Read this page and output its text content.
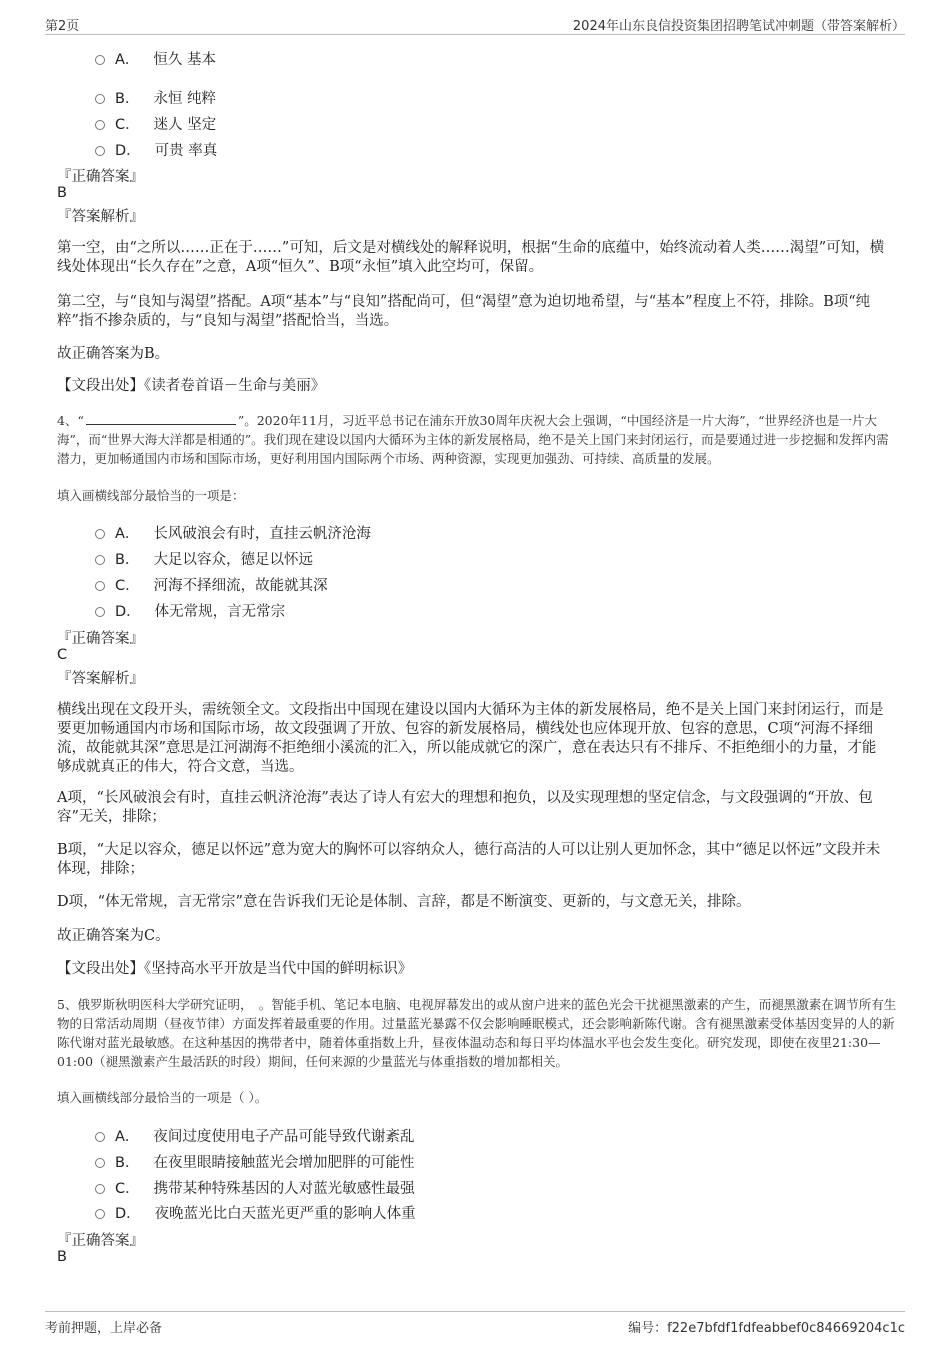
第2页	2024年山东良信投资集团招聘笔试冲刺题（带答案解析）
A． 恒久 基本
B． 永恒 纯粹
C． 迷人 坚定
D． 可贵 率真
『正确答案』
B
『答案解析』
第一空，由“之所以……正在于……”可知，后文是对横线处的解释说明，根据“生命的底蕴中，始终流动着人类……渴望”可知，横线处体现出“长久存在”之意，A项“恒久”、B项“永恒”填入此空均可，保留。
第二空，与“良知与渴望”搭配。A项“基本”与“良知”搭配尚可，但“渴望”意为迫切地希望，与“基本”程度上不符，排除。B项“纯粹”指不掺杂质的，与“良知与渴望”搭配恰当，当选。
故正确答案为B。
【文段出处】《读者卷首语－生命与美丽》
4、“	”。2020年11月，习近平总书记在浦东开放30周年庆祝大会上强调，“中国经济是一片大海”，“世界经济也是一片大海”，而“世界大海大洋都是相通的”。我们现在建设以国内大循环为主体的新发展格局，绝不是关上国门来封闭运行，而是要通过进一步挖掘和发挥内需潜力，更加畅通国内市场和国际市场，更好利用国内国际两个市场、两种资源，实现更加强劲、可持续、高质量的发展。
填入画横线部分最恰当的一项是：
A． 长风破浪会有时，直挂云帆济沧海
B． 大足以容众，德足以怀远
C． 河海不择细流，故能就其深
D． 体无常规，言无常宗
『正确答案』
C
『答案解析』
横线出现在文段开头，需统领全文。文段指出中国现在建设以国内大循环为主体的新发展格局，绝不是关上国门来封闭运行，而是要更加畅通国内市场和国际市场，故文段强调了开放、包容的新发展格局，横线处也应体现开放、包容的意思，C项“河海不择细流，故能就其深”意思是江河湖海不拒绝细小溪流的汇入，所以能成就它的深广，意在表达只有不排斥、不拒绝细小的力量，才能够成就真正的伟大，符合文意，当选。
A项，“长风破浪会有时，直挂云帆济沧海”表达了诗人有宏大的理想和抱负，以及实现理想的坚定信念，与文段强调的“开放、包容”无关，排除；
B项，“大足以容众，德足以怀远”意为宽大的胸怀可以容纳众人，德行高洁的人可以让别人更加怀念，其中“德足以怀远”文段并未体现，排除；
D项，“体无常规，言无常宗”意在告诉我们无论是体制、言辞，都是不断演变、更新的，与文意无关，排除。
故正确答案为C。
【文段出处】《坚持高水平开放是当代中国的鲜明标识》
5、俄罗斯秋明医科大学研究证明，　。智能手机、笔记本电脑、电视屏幕发出的或从窗户进来的蓝色光会干扰褪黑激素的产生，而褪黑激素在调节所有生物的日常活动周期（昼夜节律）方面发挥着最重要的作用。过量蓝光暴露不仅会影响睡眠模式，还会影响新陈代谢。含有褪黑激素受体基因变异的人的新陈代谢对蓝光最敏感。在这种基因的携带者中，随着体重指数上升，昼夜体温动态和每日平均体温水平也会发生变化。研究发现，即使在夜里21:30—01:00（褪黑激素产生最活跃的时段）期间，任何来源的少量蓝光与体重指数的增加都相关。
填入画横线部分最恰当的一项是（ ）。
A． 夜间过度使用电子产品可能导致代谢紊乱
B． 在夜里眼睛接触蓝光会增加肥胖的可能性
C． 携带某种特殊基因的人对蓝光敏感性最强
D． 夜晚蓝光比白天蓝光更严重的影响人体重
『正确答案』
B
考前押题，上岸必备	编号：f22e7bfdf1fdfeabbef0c84669204c1c
